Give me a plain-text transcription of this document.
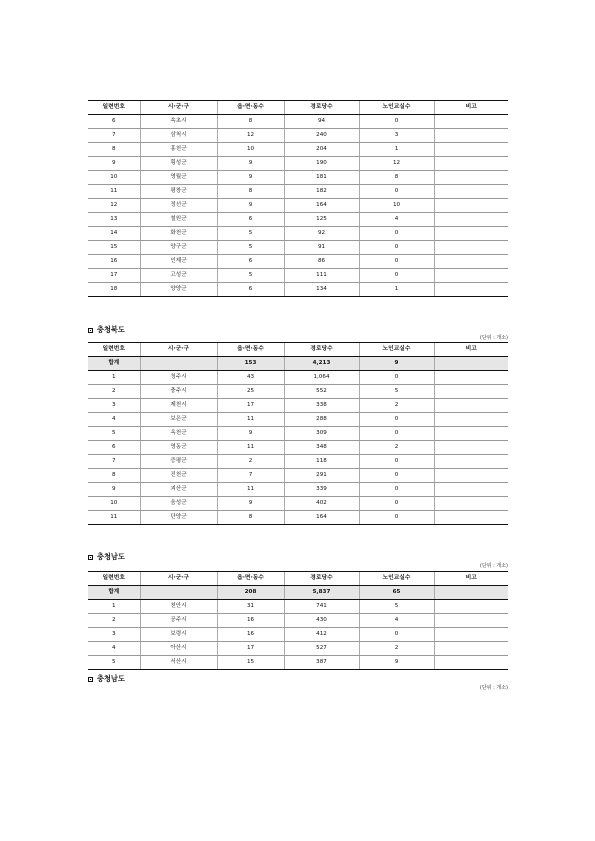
일련번호	시·군·구	읍·면·동수	경로당수	노인교실수	비고
6	속초시	8	94	0	
7	삼척시	12	240	3	
8	홍천군	10	204	1	
9	횡성군	9	190	12	
10	영월군	9	181	8	
11	평창군	8	182	0	
12	정선군	9	164	10	
13	철원군	6	125	4	
14	화천군	5	92	0	
15	양구군	5	91	0	
16	인제군	6	86	0	
17	고성군	5	111	0	
18	양양군	6	134	1	
충청북도
(단위 : 개소)
일련번호	시·군·구	읍·면·동수	경로당수	노인교실수	비고
합계		153	4,213	9	
1	청주시	43	1,064	0	
2	충주시	25	552	5	
3	제천시	17	338	2	
4	보은군	11	288	0	
5	옥천군	9	309	0	
6	영동군	11	348	2	
7	증평군	2	118	0	
8	진천군	7	291	0	
9	괴산군	11	339	0	
10	음성군	9	402	0	
11	단양군	8	164	0	
충청남도
(단위 : 개소)
일련번호	시·군·구	읍·면·동수	경로당수	노인교실수	비고
합계		208	5,837	65	
1	천안시	31	741	5	
2	공주시	16	430	4	
3	보령시	16	412	0	
4	아산시	17	527	2	
5	서산시	15	387	9	
충청남도
(단위 : 개소)
